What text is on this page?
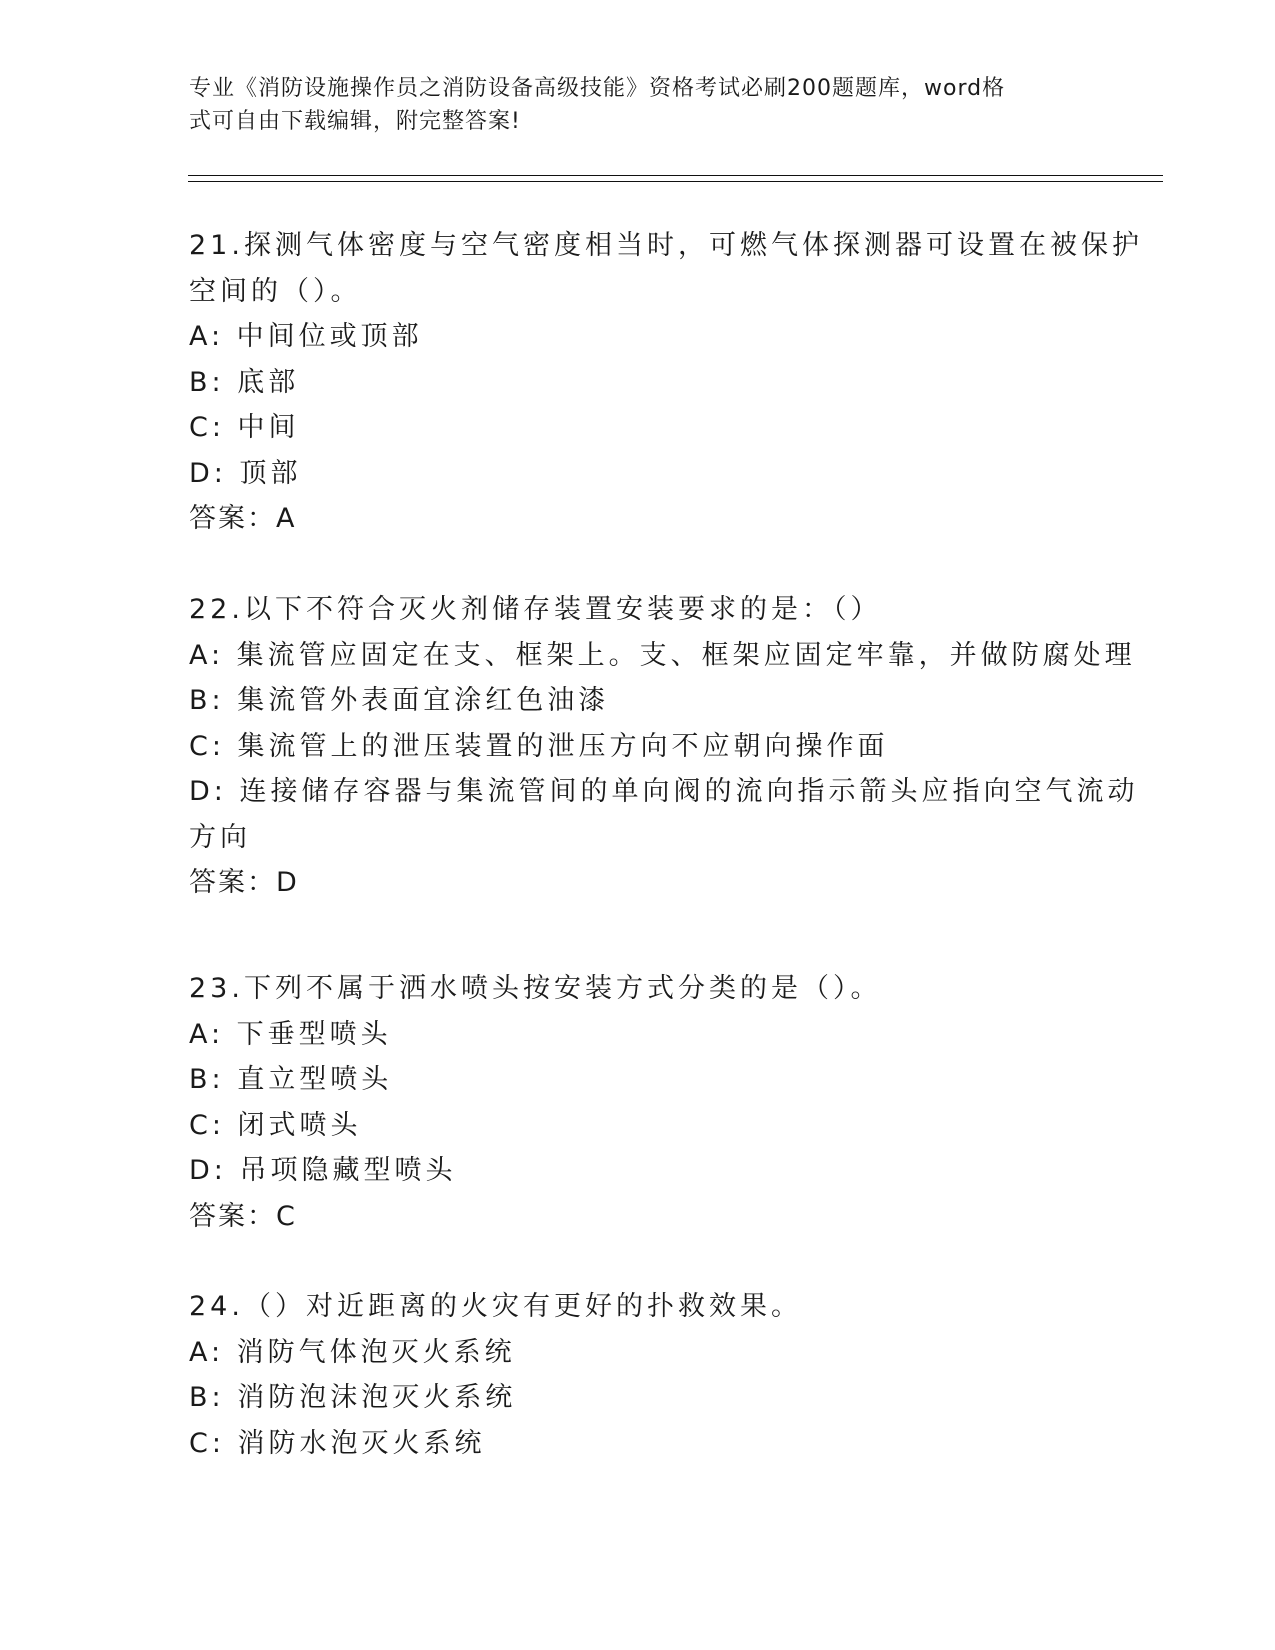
专业《消防设施操作员之消防设备高级技能》资格考试必刷200题题库，word格
式可自由下载编辑，附完整答案!
21.探测气体密度与空气密度相当时，可燃气体探测器可设置在被保护
空间的（）。
A: 中间位或顶部
B: 底部
C: 中间
D: 顶部
答案：A
22.以下不符合灭火剂储存装置安装要求的是：（）
A: 集流管应固定在支、框架上。支、框架应固定牢靠，并做防腐处理
B: 集流管外表面宜涂红色油漆
C: 集流管上的泄压装置的泄压方向不应朝向操作面
D: 连接储存容器与集流管间的单向阀的流向指示箭头应指向空气流动
方向
答案：D
23.下列不属于洒水喷头按安装方式分类的是（）。
A: 下垂型喷头
B: 直立型喷头
C: 闭式喷头
D: 吊项隐藏型喷头
答案：C
24.（）对近距离的火灾有更好的扑救效果。
A: 消防气体泡灭火系统
B: 消防泡沫泡灭火系统
C: 消防水泡灭火系统
